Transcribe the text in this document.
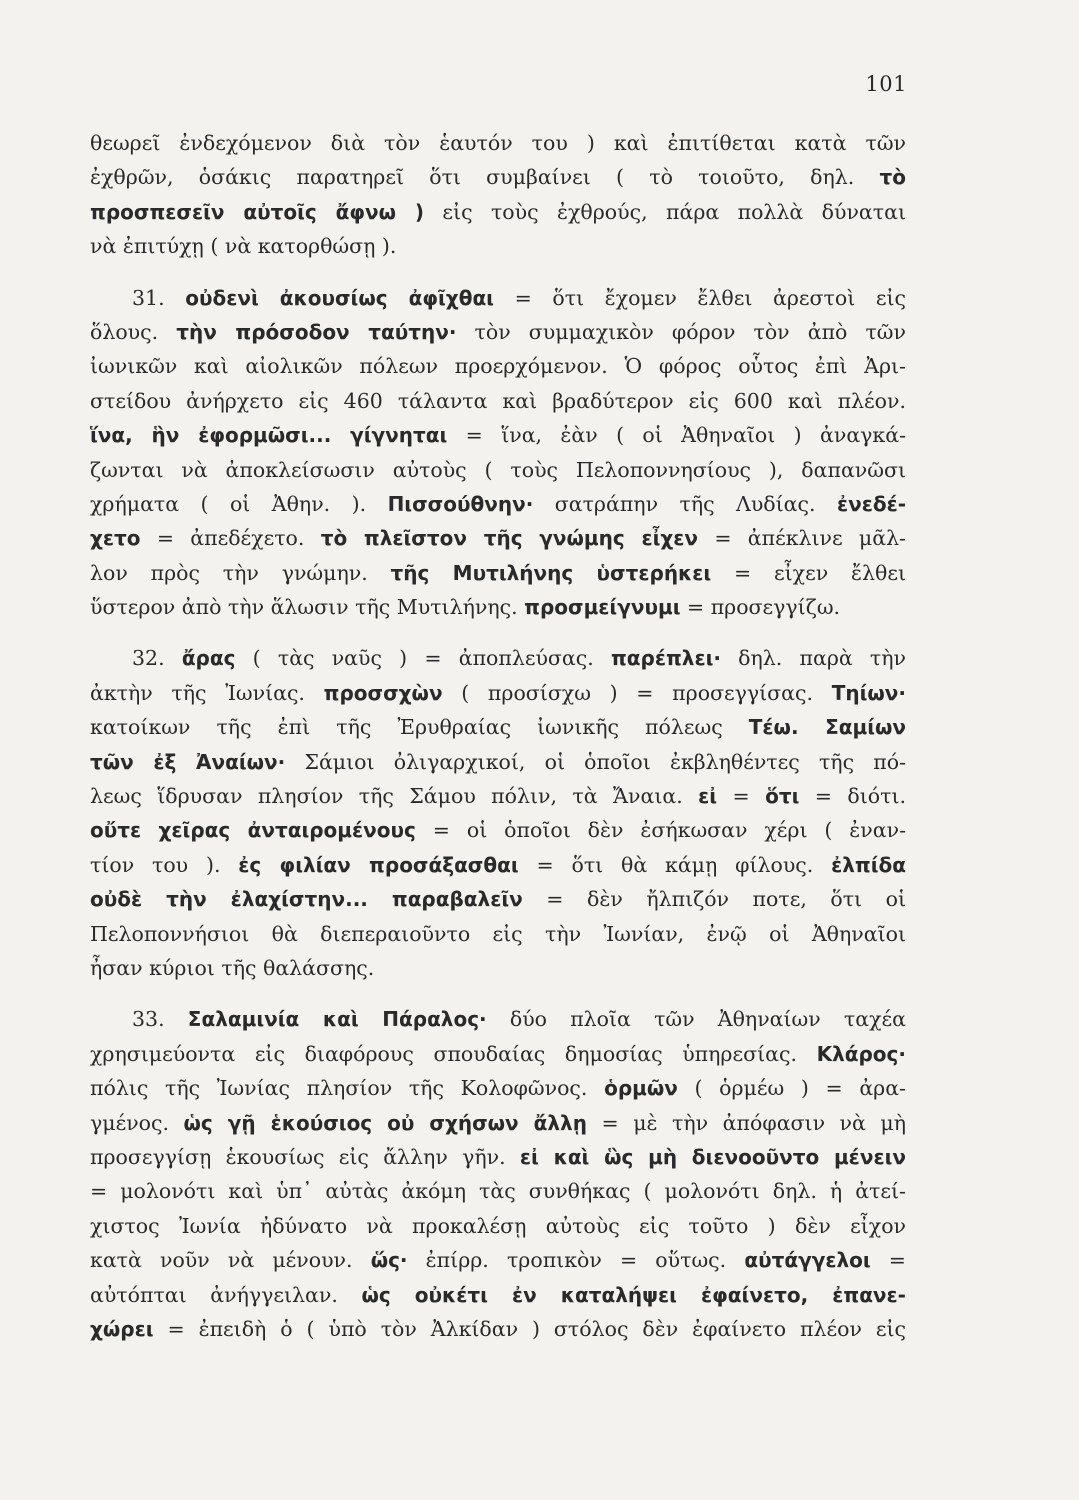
101
θεωρεῖ ἐνδεχόμενον διὰ τὸν ἑαυτόν του ) καὶ ἐπιτίθεται κατὰ τῶν
ἐχθρῶν, ὁσάκις παρατηρεῖ ὅτι συμβαίνει ( τὸ τοιοῦτο, δηλ. τὸ
προσπεσεῖν αὐτοῖς ἄφνω ) εἰς τοὺς ἐχθρούς, πάρα πολλὰ δύναται
νὰ ἐπιτύχῃ ( νὰ κατορθώσῃ ).
31. οὐδενὶ ἀκουσίως ἀφῖχθαι = ὅτι ἔχομεν ἔλθει ἀρεστοὶ εἰς
ὅλους. τὴν πρόσοδον ταύτην· τὸν συμμαχικὸν φόρον τὸν ἀπὸ τῶν
ἰωνικῶν καὶ αἰολικῶν πόλεων προερχόμενον. Ὁ φόρος οὗτος ἐπὶ Ἀρι-
στείδου ἀνήρχετο εἰς 460 τάλαντα καὶ βραδύτερον εἰς 600 καὶ πλέον.
ἵνα, ἣν ἐφορμῶσι... γίγνηται = ἵνα, ἐὰν ( οἱ Ἀθηναῖοι ) ἀναγκά-
ζωνται νὰ ἀποκλείσωσιν αὐτοὺς ( τοὺς Πελοποννησίους ), δαπανῶσι
χρήματα ( οἱ Ἀθην. ). Πισσούθνην· σατράπην τῆς Λυδίας. ἐνεδέ-
χετο = ἀπεδέχετο. τὸ πλεῖστον τῆς γνώμης εἶχεν = ἀπέκλινε μᾶλ-
λον πρὸς τὴν γνώμην. τῆς Μυτιλήνης ὑστερήκει = εἶχεν ἔλθει
ὕστερον ἀπὸ τὴν ἅλωσιν τῆς Μυτιλήνης. προσμείγνυμι = προσεγγίζω.
32. ἄρας ( τὰς ναῦς ) = ἀποπλεύσας. παρέπλει· δηλ. παρὰ τὴν
ἀκτὴν τῆς Ἰωνίας. προσσχὼν ( προσίσχω ) = προσεγγίσας. Τηίων·
κατοίκων τῆς ἐπὶ τῆς Ἐρυθραίας ἰωνικῆς πόλεως Τέω. Σαμίων
τῶν ἐξ Ἀναίων· Σάμιοι ὀλιγαρχικοί, οἱ ὁποῖοι ἐκβληθέντες τῆς πό-
λεως ἵδρυσαν πλησίον τῆς Σάμου πόλιν, τὰ Ἄναια. εἰ = ὅτι = διότι.
οὔτε χεῖρας ἀνταιρομένους = οἱ ὁποῖοι δὲν ἐσήκωσαν χέρι ( ἐναν-
τίον του ). ἐς φιλίαν προσάξασθαι = ὅτι θὰ κάμῃ φίλους. ἐλπίδα
οὐδὲ τὴν ἐλαχίστην... παραβαλεῖν = δὲν ἤλπιζόν ποτε, ὅτι οἱ
Πελοποννήσιοι θὰ διεπεραιοῦντο εἰς τὴν Ἰωνίαν, ἐνῷ οἱ Ἀθηναῖοι
ἦσαν κύριοι τῆς θαλάσσης.
33. Σαλαμινία καὶ Πάραλος· δύο πλοῖα τῶν Ἀθηναίων ταχέα
χρησιμεύοντα εἰς διαφόρους σπουδαίας δημοσίας ὑπηρεσίας. Κλάρος·
πόλις τῆς Ἰωνίας πλησίον τῆς Κολοφῶνος. ὁρμῶν ( ὁρμέω ) = ἀρα-
γμένος. ὡς γῇ ἑκούσιος οὐ σχήσων ἄλλῃ = μὲ τὴν ἀπόφασιν νὰ μὴ
προσεγγίσῃ ἑκουσίως εἰς ἄλλην γῆν. εἰ καὶ ὣς μὴ διενοοῦντο μένειν
= μολονότι καὶ ὑπ᾽ αὐτὰς ἀκόμη τὰς συνθήκας ( μολονότι δηλ. ἡ ἀτεί-
χιστος Ἰωνία ἠδύνατο νὰ προκαλέσῃ αὐτοὺς εἰς τοῦτο ) δὲν εἶχον
κατὰ νοῦν νὰ μένουν. ὥς· ἐπίρρ. τροπικὸν = οὕτως. αὐτάγγελοι =
αὐτόπται ἀνήγγειλαν. ὡς οὐκέτι ἐν καταλήψει ἐφαίνετο, ἐπανε-
χώρει = ἐπειδὴ ὁ ( ὑπὸ τὸν Ἀλκίδαν ) στόλος δὲν ἐφαίνετο πλέον εἰς
